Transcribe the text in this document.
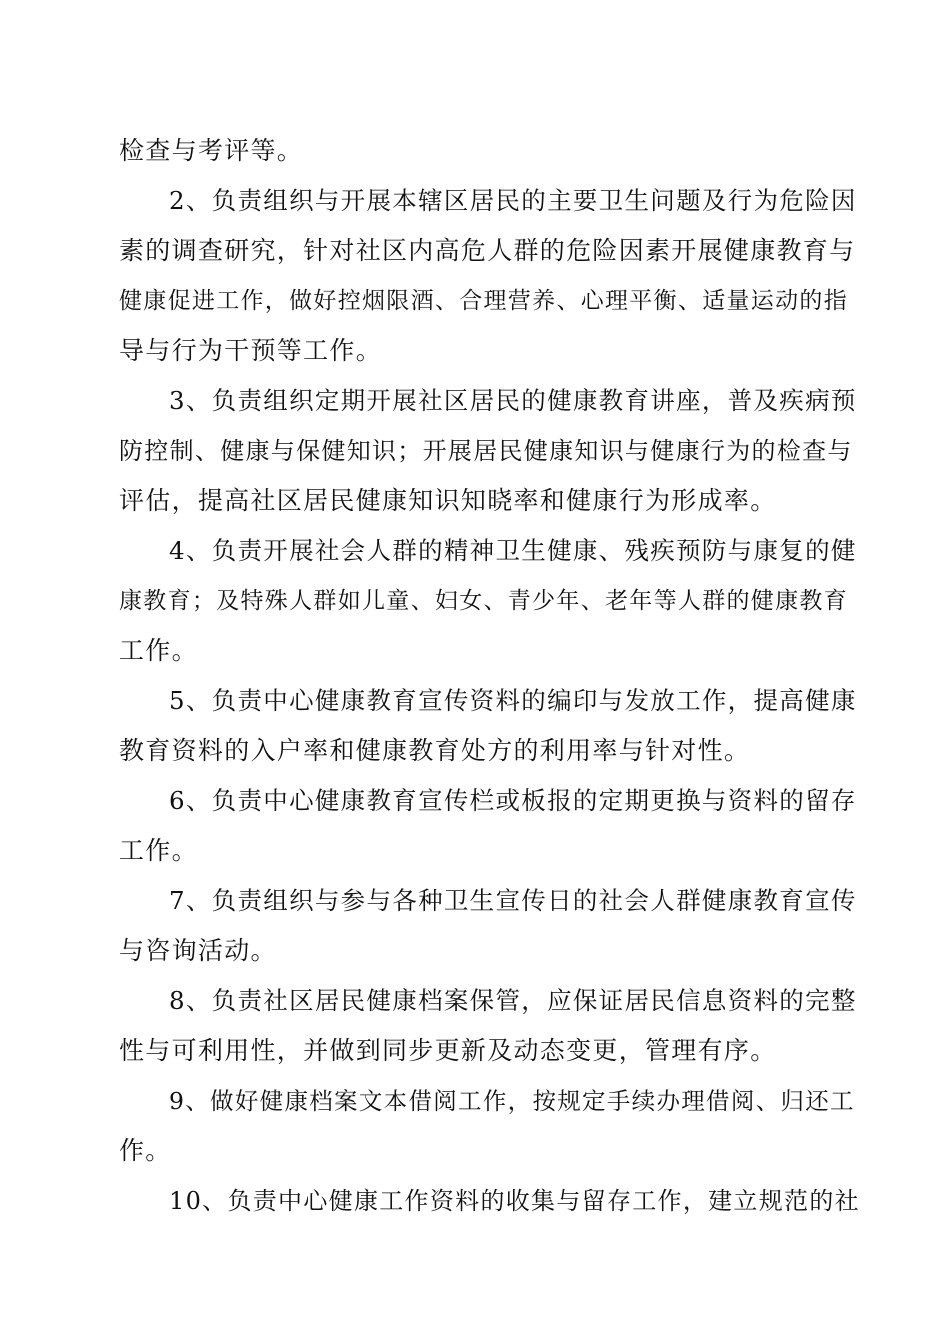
检查与考评等。
2、负责组织与开展本辖区居民的主要卫生问题及行为危险因
素的调查研究，针对社区内高危人群的危险因素开展健康教育与
健康促进工作，做好控烟限酒、合理营养、心理平衡、适量运动的指
导与行为干预等工作。
3、负责组织定期开展社区居民的健康教育讲座，普及疾病预
防控制、健康与保健知识；开展居民健康知识与健康行为的检查与
评估，提高社区居民健康知识知晓率和健康行为形成率。
4、负责开展社会人群的精神卫生健康、残疾预防与康复的健
康教育；及特殊人群如儿童、妇女、青少年、老年等人群的健康教育
工作。
5、负责中心健康教育宣传资料的编印与发放工作，提高健康
教育资料的入户率和健康教育处方的利用率与针对性。
6、负责中心健康教育宣传栏或板报的定期更换与资料的留存
工作。
7、负责组织与参与各种卫生宣传日的社会人群健康教育宣传
与咨询活动。
8、负责社区居民健康档案保管，应保证居民信息资料的完整
性与可利用性，并做到同步更新及动态变更，管理有序。
9、做好健康档案文本借阅工作，按规定手续办理借阅、归还工
作。
10、负责中心健康工作资料的收集与留存工作，建立规范的社
